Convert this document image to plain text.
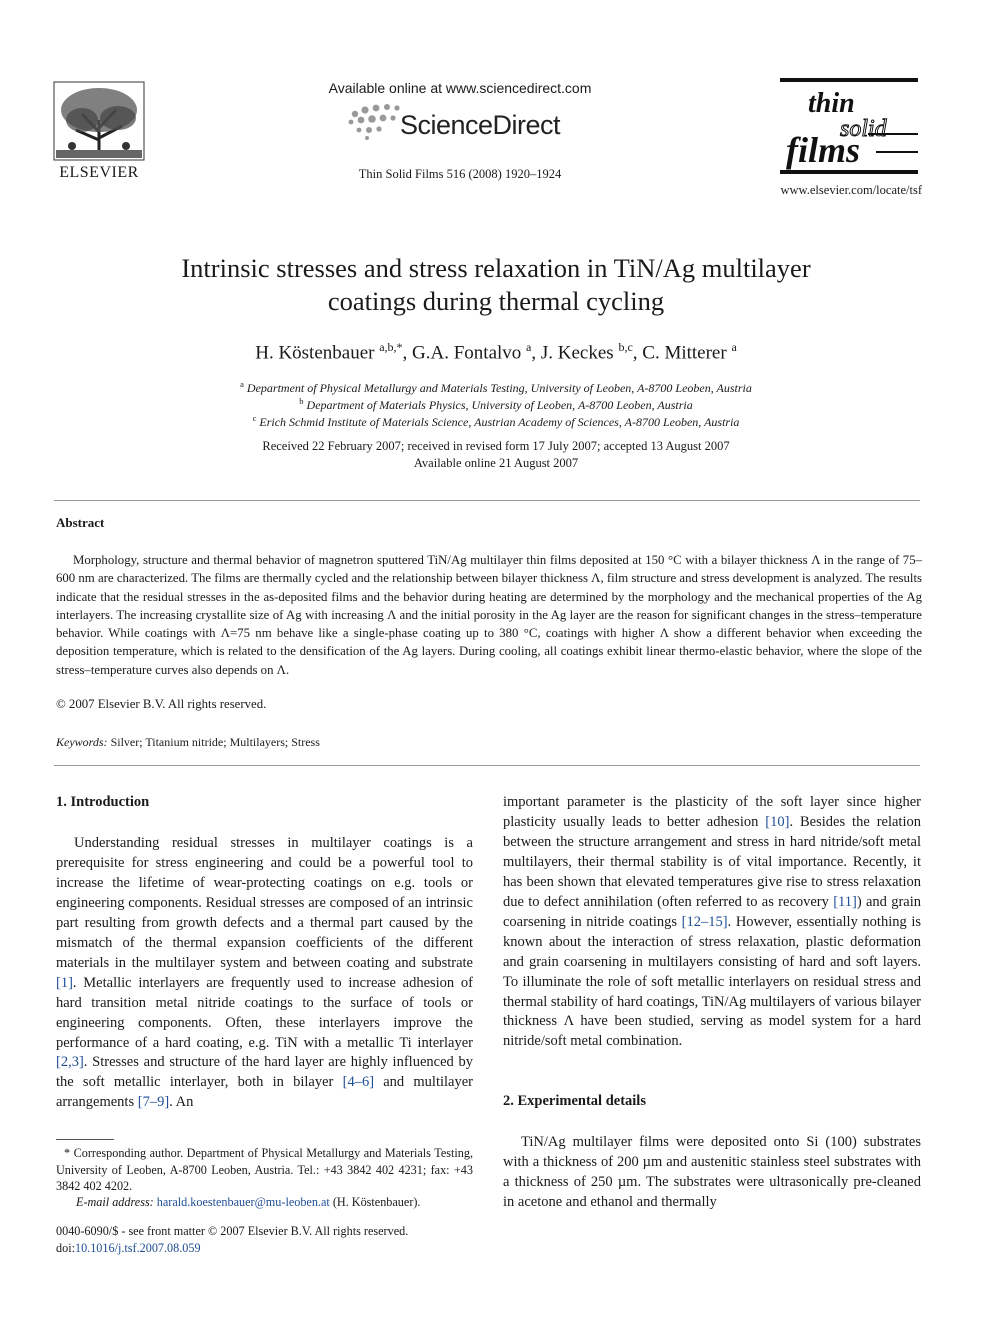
ELSEVIER
Available online at www.sciencedirect.com
ScienceDirect
Thin Solid Films 516 (2008) 1920–1924
thin
solid
films
www.elsevier.com/locate/tsf
Intrinsic stresses and stress relaxation in TiN/Ag multilayer
coatings during thermal cycling
H. Köstenbauer $^{a,b,*}$, G.A. Fontalvo $^a$, J. Keckes $^{b,c}$, C. Mitterer $^a$
$^a$ Department of Physical Metallurgy and Materials Testing, University of Leoben, A-8700 Leoben, Austria
$^b$ Department of Materials Physics, University of Leoben, A-8700 Leoben, Austria
$^c$ Erich Schmid Institute of Materials Science, Austrian Academy of Sciences, A-8700 Leoben, Austria
Received 22 February 2007; received in revised form 17 July 2007; accepted 13 August 2007
Available online 21 August 2007
Abstract
Morphology, structure and thermal behavior of magnetron sputtered TiN/Ag multilayer thin films deposited at 150 °C with a bilayer thickness Λ in the range of 75–600 nm are characterized. The films are thermally cycled and the relationship between bilayer thickness Λ, film structure and stress development is analyzed. The results indicate that the residual stresses in the as-deposited films and the behavior during heating are determined by the morphology and the mechanical properties of the Ag interlayers. The increasing crystallite size of Ag with increasing Λ and the initial porosity in the Ag layer are the reason for significant changes in the stress–temperature behavior. While coatings with Λ=75 nm behave like a single-phase coating up to 380 °C, coatings with higher Λ show a different behavior when exceeding the deposition temperature, which is related to the densification of the Ag layers. During cooling, all coatings exhibit linear thermo-elastic behavior, where the slope of the stress–temperature curves also depends on Λ.
© 2007 Elsevier B.V. All rights reserved.
Keywords: Silver; Titanium nitride; Multilayers; Stress
1. Introduction

Understanding residual stresses in multilayer coatings is a prerequisite for stress engineering and could be a powerful tool to increase the lifetime of wear-protecting coatings on e.g. tools or engineering components. Residual stresses are composed of an intrinsic part resulting from growth defects and a thermal part caused by the mismatch of the thermal expansion coefficients of the different materials in the multilayer system and between coating and substrate [1]. Metallic interlayers are frequently used to increase adhesion of hard transition metal nitride coatings to the surface of tools or engineering components. Often, these interlayers improve the performance of a hard coating, e.g. TiN with a metallic Ti interlayer [2,3]. Stresses and structure of the hard layer are highly influenced by the soft metallic interlayer, both in bilayer [4–6] and multilayer arrangements [7–9]. An

important parameter is the plasticity of the soft layer since higher plasticity usually leads to better adhesion [10]. Besides the relation between the structure arrangement and stress in hard nitride/soft metal multilayers, their thermal stability is of vital importance. Recently, it has been shown that elevated temperatures give rise to stress relaxation due to defect annihilation (often referred to as recovery [11]) and grain coarsening in nitride coatings [12–15]. However, essentially nothing is known about the interaction of stress relaxation, plastic deformation and grain coarsening in multilayers consisting of hard and soft layers. To illuminate the role of soft metallic interlayers on residual stress and thermal stability of hard coatings, TiN/Ag multilayers of various bilayer thickness Λ have been studied, serving as model system for a hard nitride/soft metal combination.

2. Experimental details

TiN/Ag multilayer films were deposited onto Si (100) substrates with a thickness of 200 µm and austenitic stainless steel substrates with a thickness of 250 µm. The substrates were ultrasonically pre-cleaned in acetone and ethanol and thermally

* Corresponding author. Department of Physical Metallurgy and Materials Testing, University of Leoben, A-8700 Leoben, Austria. Tel.: +43 3842 402 4231; fax: +43 3842 402 4202.
E-mail address: harald.koestenbauer@mu-leoben.at (H. Köstenbauer).
0040-6090/$ - see front matter © 2007 Elsevier B.V. All rights reserved.
doi:10.1016/j.tsf.2007.08.059
